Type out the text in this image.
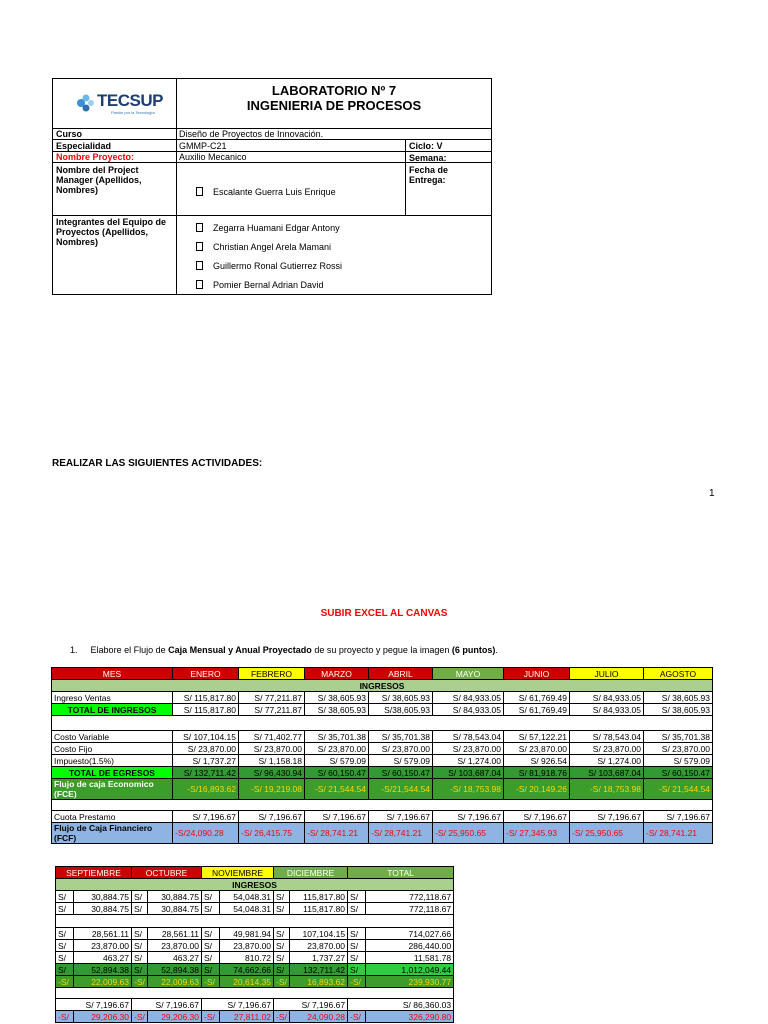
TECSUP
Pasión por la Tecnología
LABORATORIO Nº 7
INGENIERIA DE PROCESOS
Curso	Diseño de Proyectos de Innovación.
Especialidad	GMMP-C21	Ciclo: V
Nombre Proyecto:	Auxilio Mecanico	Semana:
Nombre del Project Manager (Apellidos, Nombres)	Escalante Guerra Luis Enrique
Fecha de Entrega:
Integrantes del Equipo de Proyectos (Apellidos, Nombres)
Zegarra Huamani Edgar Antony
Christian Angel Arela Mamani
Guillermo Ronal Gutierrez Rossi
Pomier Bernal Adrian David
REALIZAR LAS SIGUIENTES ACTIVIDADES:
1
SUBIR EXCEL AL CANVAS
1. Elabore el Flujo de Caja Mensual y Anual Proyectado de su proyecto y pegue la imagen (6 puntos).
MES	ENERO	FEBRERO	MARZO	ABRIL	MAYO	JUNIO	JULIO	AGOSTO
INGRESOS								
Ingreso Ventas	S/ 115,817.80	S/ 77,211.87	S/ 38,605.93	S/ 38,605.93	S/ 84,933.05	S/ 61,769.49	S/ 84,933.05	S/ 38,605.93
TOTAL DE INGRESOS	S/ 115,817.80	S/ 77,211.87	S/ 38,605.93	S/38,605.93	S/ 84,933.05	S/ 61,769.49	S/ 84,933.05	S/ 38,605.93

Costo Variable	S/ 107,104.15	S/ 71,402.77	S/ 35,701.38	S/ 35,701.38	S/ 78,543.04	S/ 57,122.21	S/ 78,543.04	S/ 35,701.38
Costo Fijo	S/ 23,870.00	S/ 23,870.00	S/ 23,870.00	S/ 23,870.00	S/ 23,870.00	S/ 23,870.00	S/ 23,870.00	S/ 23,870.00
Impuesto(1.5%)	S/ 1,737.27	S/ 1,158.18	S/ 579.09	S/ 579.09	S/ 1,274.00	S/ 926.54	S/ 1,274.00	S/ 579.09
TOTAL DE EGRESOS	S/ 132,711.42	S/ 96,430.94	S/ 60,150.47	S/ 60,150.47	S/ 103,687.04	S/ 81,918.76	S/ 103,687.04	S/ 60,150.47
Flujo de caja Economico (FCE)	-S/16,893.62	-S/ 19,219.08	-S/ 21,544.54	-S/21,544.54	-S/ 18,753.98	-S/ 20,149.26	-S/ 18,753.98	-S/ 21,544.54

Cuota Prestamo	S/ 7,196.67	S/ 7,196.67	S/ 7,196.67	S/ 7,196.67	S/ 7,196.67	S/ 7,196.67	S/ 7,196.67	S/ 7,196.67
Flujo de Caja Financiero (FCF)	-S/24,090.28	-S/ 26,415.75	-S/ 28,741.21	-S/ 28,741.21	-S/ 25,950.65	-S/ 27,345.93	-S/ 25,950.65	-S/ 28,741.21
SEPTIEMBRE		OCTUBRE		NOVIEMBRE		DICIEMBRE		TOTAL	
INGRESOS									
S/	30,884.75	S/	30,884.75	S/	54,048.31	S/	115,817.80	S/	772,118.67
S/	30,884.75	S/	30,884.75	S/	54,048.31	S/	115,817.80	S/	772,118.67

S/	28,561.11	S/	28,561.11	S/	49,981.94	S/	107,104.15	S/	714,027.66
S/	23,870.00	S/	23,870.00	S/	23,870.00	S/	23,870.00	S/	286,440.00
S/	463.27	S/	463.27	S/	810.72	S/	1,737.27	S/	11,581.78
S/	52,894.38	S/	52,894.38	S/	74,662.66	S/	132,711.42	S/	1,012,049.44
-S/	22,009.63	-S/	22,009.63	-S/	20,614.35	-S/	16,893.62	-S/	239,930.77

S/ 7,196.67		S/ 7,196.67		S/ 7,196.67		S/ 7,196.67		S/ 86,360.03	
-S/	29,206.30	-S/	29,206.30	-S/	27,811.02	-S/	24,090.28	-S/	326,290.80
